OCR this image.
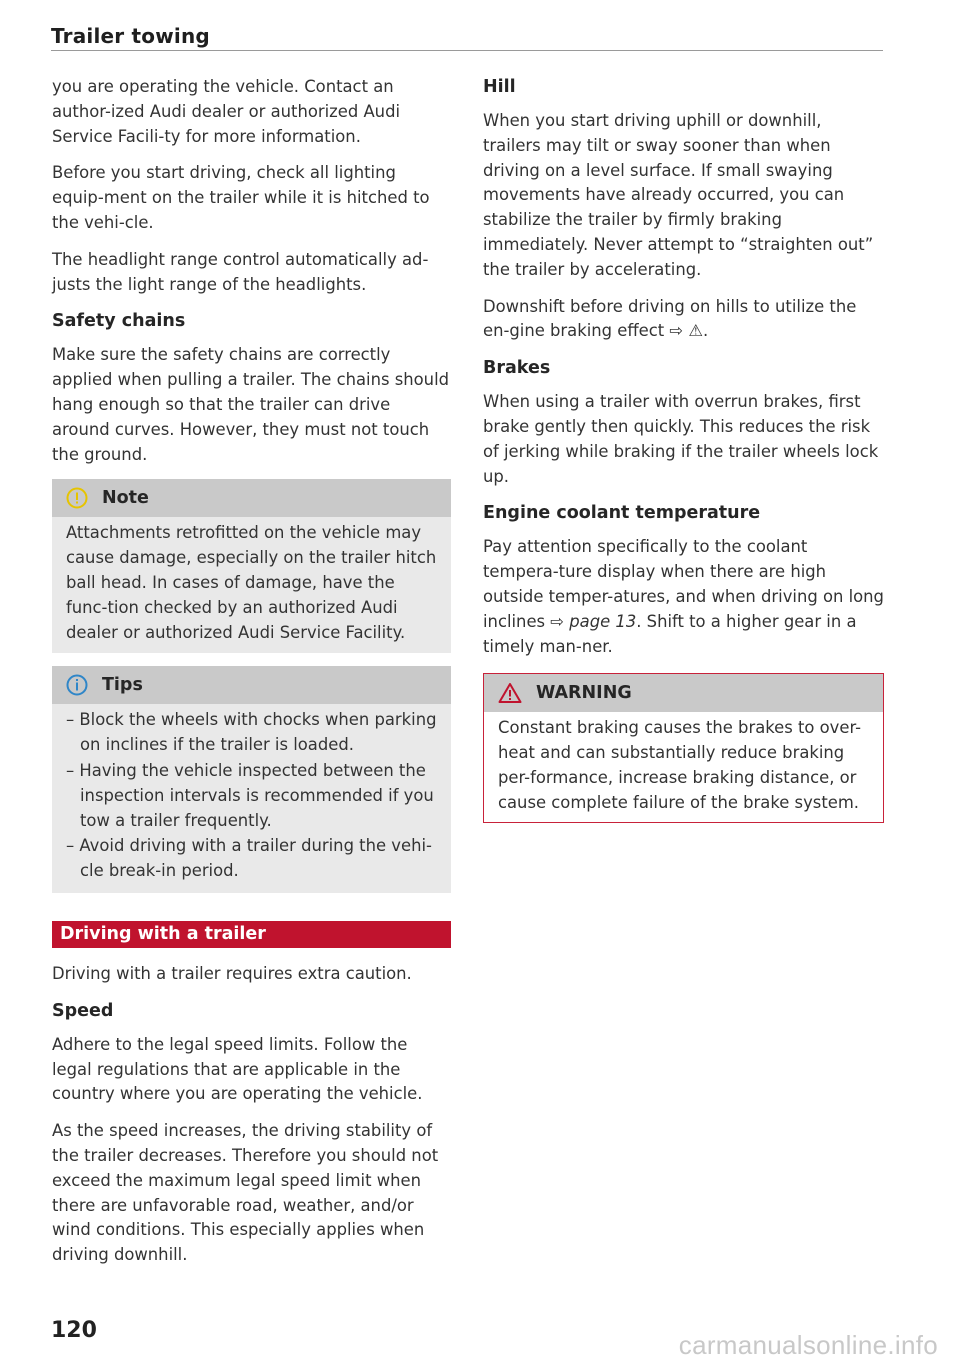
Trailer towing

you are operating the vehicle. Contact an author-ized Audi dealer or authorized Audi Service Facili-ty for more information.

Before you start driving, check all lighting equip-ment on the trailer while it is hitched to the vehi-cle.

The headlight range control automatically ad-justs the light range of the headlights.

Safety chains

Make sure the safety chains are correctly applied when pulling a trailer. The chains should hang enough so that the trailer can drive around curves. However, they must not touch the ground.

Note

Attachments retrofitted on the vehicle may cause damage, especially on the trailer hitch ball head. In cases of damage, have the func-tion checked by an authorized Audi dealer or authorized Audi Service Facility.

Tips
– Block the wheels with chocks when parking on inclines if the trailer is loaded.
– Having the vehicle inspected between the inspection intervals is recommended if you tow a trailer frequently.
– Avoid driving with a trailer during the vehi-cle break-in period.
Driving with a trailer

Driving with a trailer requires extra caution.

Speed

Adhere to the legal speed limits. Follow the legal regulations that are applicable in the country where you are operating the vehicle.

As the speed increases, the driving stability of the trailer decreases. Therefore you should not exceed the maximum legal speed limit when there are unfavorable road, weather, and/or wind conditions. This especially applies when driving downhill.

Hill

When you start driving uphill or downhill, trailers may tilt or sway sooner than when driving on a level surface. If small swaying movements have already occurred, you can stabilize the trailer by firmly braking immediately. Never attempt to “straighten out” the trailer by accelerating.

Downshift before driving on hills to utilize the en-gine braking effect ⇨ ⚠.

Brakes

When using a trailer with overrun brakes, first brake gently then quickly. This reduces the risk of jerking while braking if the trailer wheels lock up.

Engine coolant temperature

Pay attention specifically to the coolant tempera-ture display when there are high outside temper-atures, and when driving on long inclines ⇨ page 13. Shift to a higher gear in a timely man-ner.

WARNING

Constant braking causes the brakes to over-heat and can substantially reduce braking per-formance, increase braking distance, or cause complete failure of the brake system.

120	carmanualsonline.info
